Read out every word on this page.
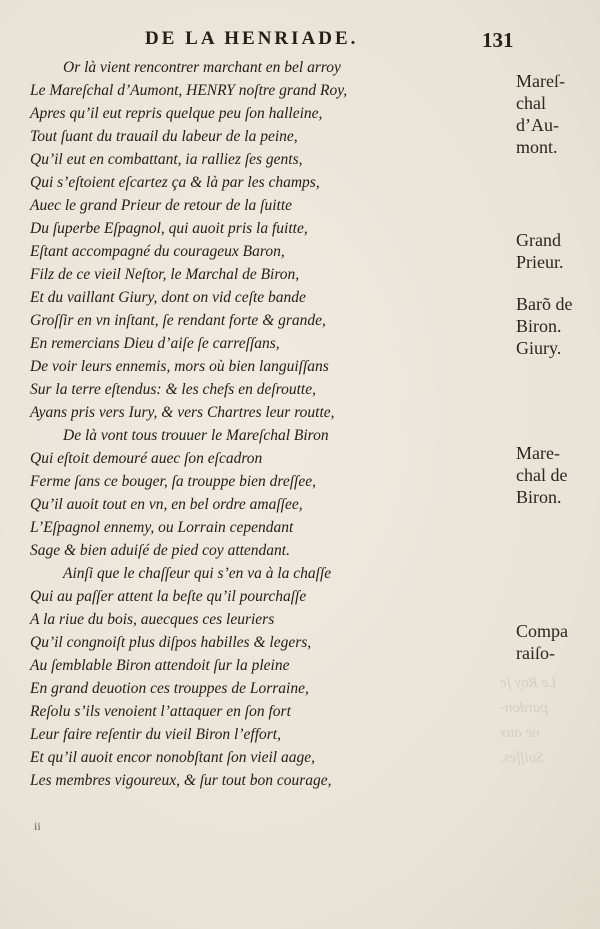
Le Roy ſe
pardon-
ne aux
Suiſſes.
DE LA HENRIADE.	131
Or là vient rencontrer marchant en bel arroy
Le Mareſchal d’Aumont, HENRY noſtre grand Roy,
Apres qu’il eut repris quelque peu ſon halleine,
Tout ſuant du trauail du labeur de la peine,
Qu’il eut en combattant, ia ralliez ſes gents,
Qui s’eſtoient eſcartez ça & là par les champs,
Auec le grand Prieur de retour de la ſuitte
Du ſuperbe Eſpagnol, qui auoit pris la fuitte,
Eſtant accompagné du courageux Baron,
Filz de ce vieil Neſtor, le Marchal de Biron,
Et du vaillant Giury, dont on vid ceſte bande
Groſſir en vn inſtant, ſe rendant forte & grande,
En remercians Dieu d’aiſe ſe carreſſans,
De voir leurs ennemis, mors où bien languiſſans
Sur la terre eſtendus: & les chefs en deſroutte,
Ayans pris vers Iury, & vers Chartres leur routte,
De là vont tous trouuer le Mareſchal Biron
Qui eſtoit demouré auec ſon eſcadron
Ferme ſans ce bouger, ſa trouppe bien dreſſee,
Qu’il auoit tout en vn, en bel ordre amaſſee,
L’Eſpagnol ennemy, ou Lorrain cependant
Sage & bien aduiſé de pied coy attendant.
Ainſi que le chaſſeur qui s’en va à la chaſſe
Qui au paſſer attent la beſte qu’il pourchaſſe
A la riue du bois, auecques ces leuriers
Qu’il congnoiſt plus diſpos habilles & legers,
Au ſemblable Biron attendoit ſur la pleine
En grand deuotion ces trouppes de Lorraine,
Reſolu s’ils venoient l’attaquer en ſon fort
Leur faire reſentir du vieil Biron l’effort,
Et qu’il auoit encor nonobſtant ſon vieil aage,
Les membres vigoureux, & ſur tout bon courage,
Mareſ-
chal
d’Au-
mont.
Grand
Prieur.
Barõ de
Biron.
Giury.
Mare-
chal de
Biron.
Compa
raiſo-
ii
